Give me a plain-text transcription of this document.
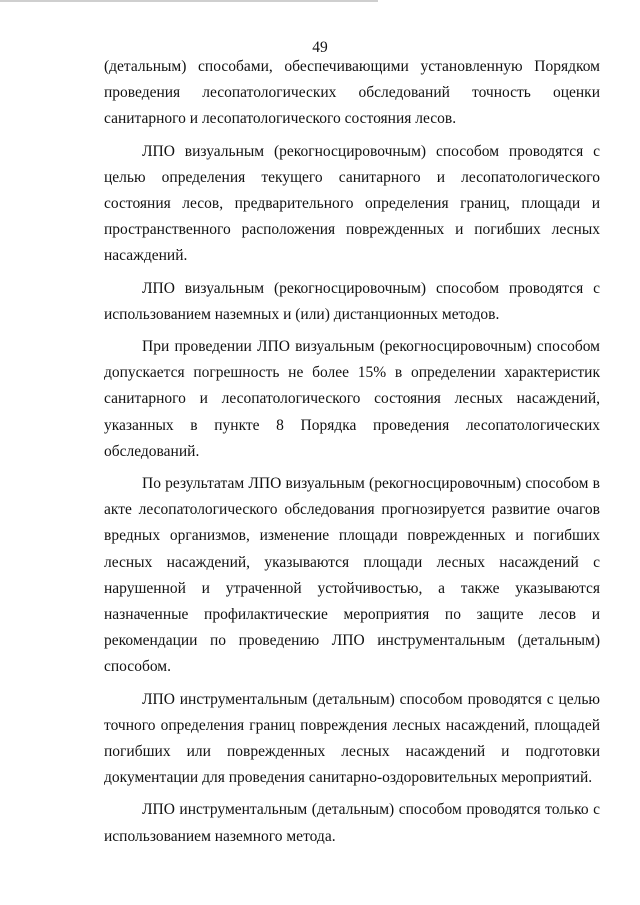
49

(детальным) способами, обеспечивающими установленную Порядком проведения лесопатологических обследований точность оценки санитарного и лесопатологического состояния лесов.

ЛПО визуальным (рекогносцировочным) способом проводятся с целью определения текущего санитарного и лесопатологического состояния лесов, предварительного определения границ, площади и пространственного расположения поврежденных и погибших лесных насаждений.

ЛПО визуальным (рекогносцировочным) способом проводятся с использованием наземных и (или) дистанционных методов.

При проведении ЛПО визуальным (рекогносцировочным) способом допускается погрешность не более 15% в определении характеристик санитарного и лесопатологического состояния лесных насаждений, указанных в пункте 8 Порядка проведения лесопатологических обследований.

По результатам ЛПО визуальным (рекогносцировочным) способом в акте лесопатологического обследования прогнозируется развитие очагов вредных организмов, изменение площади поврежденных и погибших лесных насаждений, указываются площади лесных насаждений с нарушенной и утраченной устойчивостью, а также указываются назначенные профилактические мероприятия по защите лесов и рекомендации по проведению ЛПО инструментальным (детальным) способом.

ЛПО инструментальным (детальным) способом проводятся с целью точного определения границ повреждения лесных насаждений, площадей погибших или поврежденных лесных насаждений и подготовки документации для проведения санитарно-оздоровительных мероприятий.

ЛПО инструментальным (детальным) способом проводятся только с использованием наземного метода.
